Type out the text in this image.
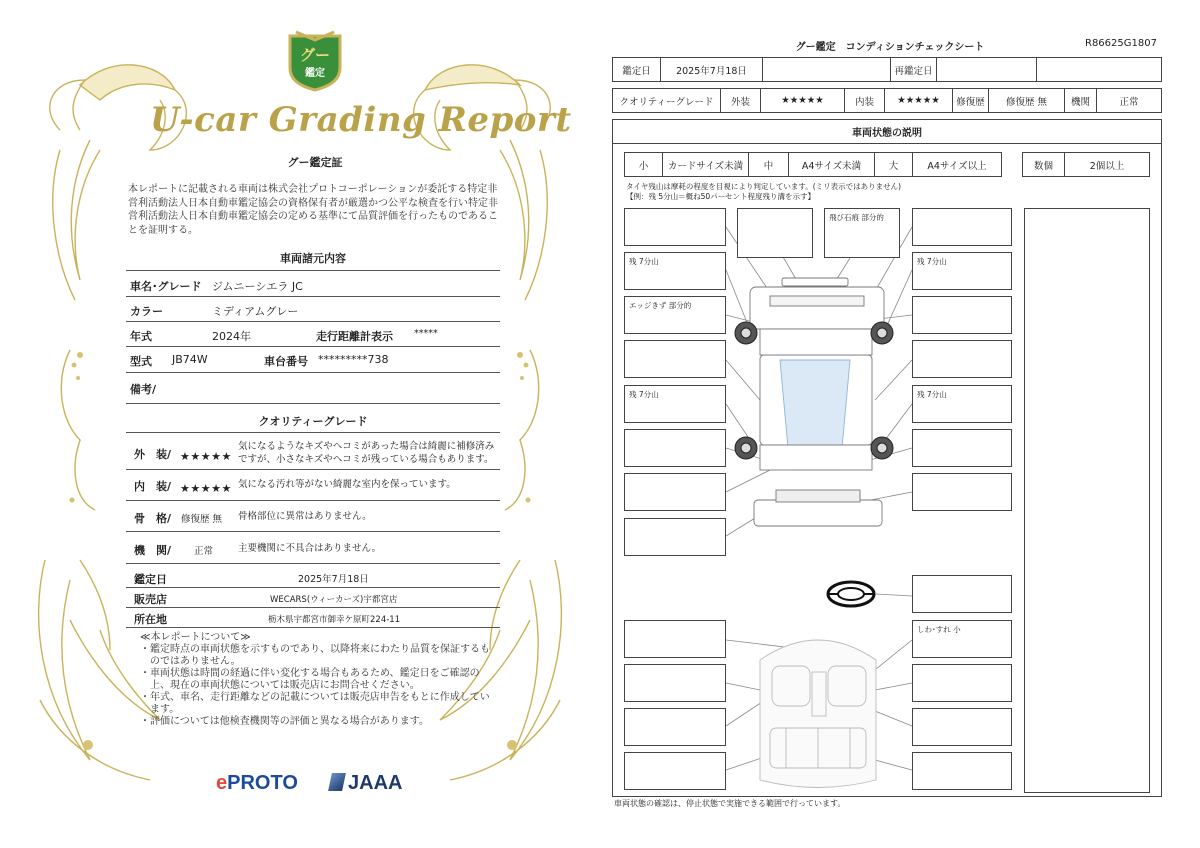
グー
鑑定
U-car Grading Report
グー鑑定証
本レポートに記載される車両は株式会社プロトコーポレーションが委託する特定非営利活動法人日本自動車鑑定協会の資格保有者が厳選かつ公平な検査を行い特定非営利活動法人日本自動車鑑定協会の定める基準にて品質評価を行ったものであることを証明する。
車両諸元内容
車名･グレード ジムニーシエラ JC
カラー	ミディアムグレー
年式	2024年	走行距離計表示 *****
型式 JB74W	車台番号 *********738
備考/
クオリティーグレード
外　装/ ★★★★★
気になるようなキズやヘコミがあった場合は綺麗に補修済み
ですが、小さなキズやヘコミが残っている場合もあります。
内　装/ ★★★★★ 気になる汚れ等がない綺麗な室内を保っています。
骨　格/ 修復歴 無 骨格部位に異常はありません。
機　関/ 正常	主要機関に不具合はありません。
鑑定日	2025年7月18日
販売店	WECARS(ウィーカーズ)宇都宮店
所在地	栃木県宇都宮市御幸ケ原町224-11
≪本レポートについて≫
・鑑定時点の車両状態を示すものであり、以降将来にわたり品質を保証するものではありません。
・車両状態は時間の経過に伴い変化する場合もあるため、鑑定日をご確認の上、現在の車両状態については販売店にお問合せください。
・年式、車名、走行距離などの記載については販売店申告をもとに作成しています。
・評価については他検査機関等の評価と異なる場合があります。
ePROTO	JAAA
グー鑑定　コンディションチェックシート	R86625G1807
鑑定日	2025年7月18日	再鑑定日
クオリティーグレード	外装	★★★★★	内装	★★★★★	修復歴	修復歴 無	機関	正常
車両状態の説明
小	カードサイズ未満	中	A4サイズ未満	大	A4サイズ以上	数個	2個以上
タイヤ残山は摩耗の程度を目視により判定しています。(ミリ表示ではありません)
【例：残 5分山＝概ね50パーセント程度残り溝を示す】
残 7分山
エッジきず 部分的
残 7分山
飛び石痕 部分的
残 7分山
残 7分山
しわ･すれ 小
車両状態の確認は、停止状態で実施できる範囲で行っています。
